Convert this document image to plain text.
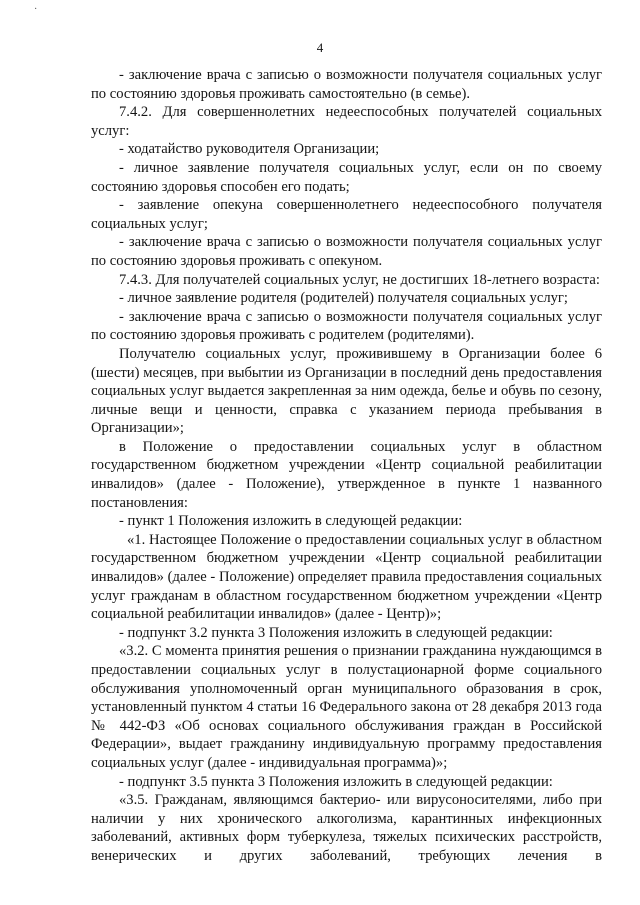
·
4

- заключение врача с записью о возможности получателя социальных услуг по состоянию здоровья проживать самостоятельно (в семье).

7.4.2. Для совершеннолетних недееспособных получателей социальных услуг:

- ходатайство руководителя Организации;

- личное заявление получателя социальных услуг, если он по своему состоянию здоровья способен его подать;

- заявление опекуна совершеннолетнего недееспособного получателя социальных услуг;

- заключение врача с записью о возможности получателя социальных услуг по состоянию здоровья проживать с опекуном.

7.4.3. Для получателей социальных услуг, не достигших 18-летнего возраста:

- личное заявление родителя (родителей) получателя социальных услуг;

- заключение врача с записью о возможности получателя социальных услуг по состоянию здоровья проживать с родителем (родителями).

Получателю социальных услуг, проживившему в Организации более 6 (шести) месяцев, при выбытии из Организации в последний день предоставления социальных услуг выдается закрепленная за ним одежда, белье и обувь по сезону, личные вещи и ценности, справка с указанием периода пребывания в Организации»;

в Положение о предоставлении социальных услуг в областном государственном бюджетном учреждении «Центр социальной реабилитации инвалидов» (далее - Положение), утвержденное в пункте 1 названного постановления:

- пункт 1 Положения изложить в следующей редакции:

«1. Настоящее Положение о предоставлении социальных услуг в областном государственном бюджетном учреждении «Центр социальной реабилитации инвалидов» (далее - Положение) определяет правила предоставления социальных услуг гражданам в областном государственном бюджетном учреждении «Центр социальной реабилитации инвалидов» (далее - Центр)»;

- подпункт 3.2 пункта 3 Положения изложить в следующей редакции:

«3.2. С момента принятия решения о признании гражданина нуждающимся в предоставлении социальных услуг в полустационарной форме социального обслуживания уполномоченный орган муниципального образования в срок, установленный пунктом 4 статьи 16 Федерального закона от 28 декабря 2013 года № 442-ФЗ «Об основах социального обслуживания граждан в Российской Федерации», выдает гражданину индивидуальную программу предоставления социальных услуг (далее - индивидуальная программа)»;

- подпункт 3.5 пункта 3 Положения изложить в следующей редакции:

«3.5. Гражданам, являющимся бактерио- или вирусоносителями, либо при наличии у них хронического алкоголизма, карантинных инфекционных заболеваний, активных форм туберкулеза, тяжелых психических расстройств, венерических и других заболеваний, требующих лечения в
